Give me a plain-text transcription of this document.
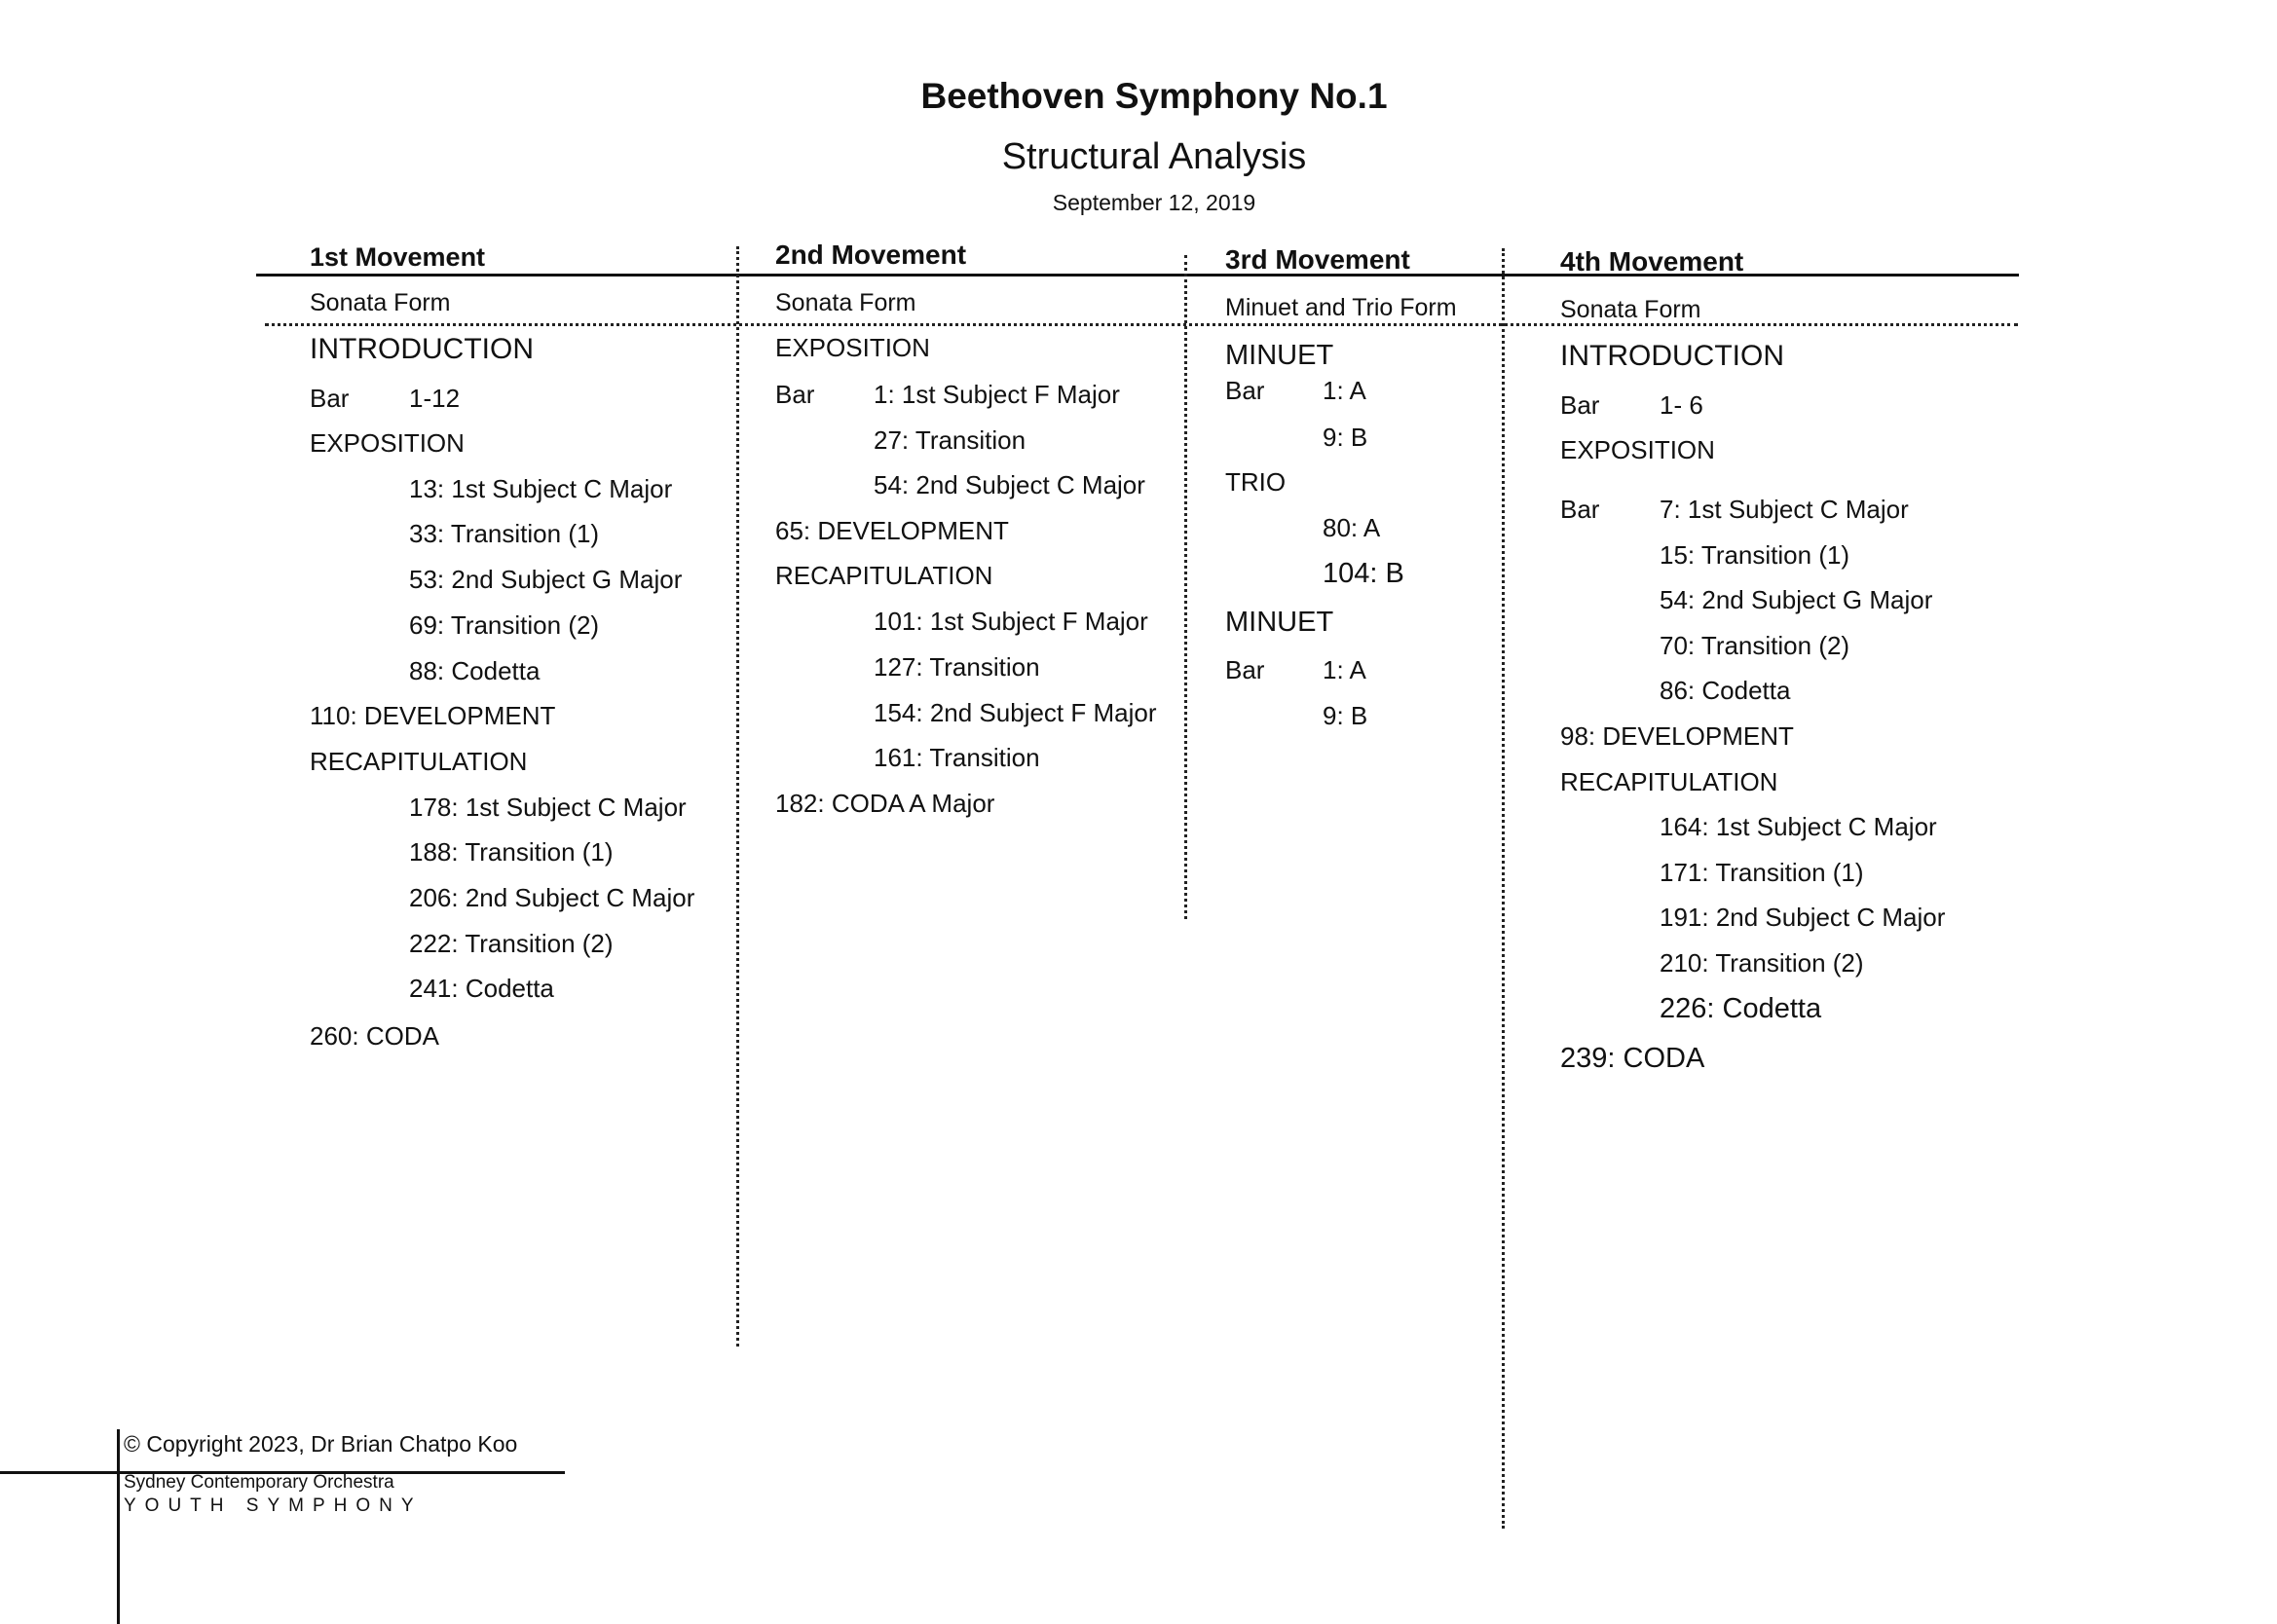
Beethoven Symphony No.1
Structural Analysis
September 12, 2019
1st Movement
Sonata Form
INTRODUCTION
Bar 1-12
EXPOSITION
13: 1st Subject C Major
33: Transition (1)
53: 2nd Subject G Major
69: Transition (2)
88: Codetta
110: DEVELOPMENT
RECAPITULATION
178: 1st Subject C Major
188: Transition (1)
206: 2nd Subject C Major
222: Transition (2)
241: Codetta
260: CODA
2nd Movement
Sonata Form
EXPOSITION
Bar 1: 1st Subject F Major
27: Transition
54: 2nd Subject C Major
65: DEVELOPMENT
RECAPITULATION
101: 1st Subject F Major
127: Transition
154: 2nd Subject F Major
161: Transition
182: CODA A Major
3rd Movement
Minuet and Trio Form
MINUET
Bar 1: A
9: B
TRIO
80: A
104: B
MINUET
Bar 1: A
9: B
4th Movement
Sonata Form
INTRODUCTION
Bar 1- 6
EXPOSITION
Bar 7: 1st Subject C Major
15: Transition (1)
54: 2nd Subject G Major
70: Transition (2)
86: Codetta
98: DEVELOPMENT
RECAPITULATION
164: 1st Subject C Major
171: Transition (1)
191: 2nd Subject C Major
210: Transition (2)
226: Codetta
239: CODA
© Copyright 2023, Dr Brian Chatpo Koo
Sydney Contemporary Orchestra
YOUTH SYMPHONY
